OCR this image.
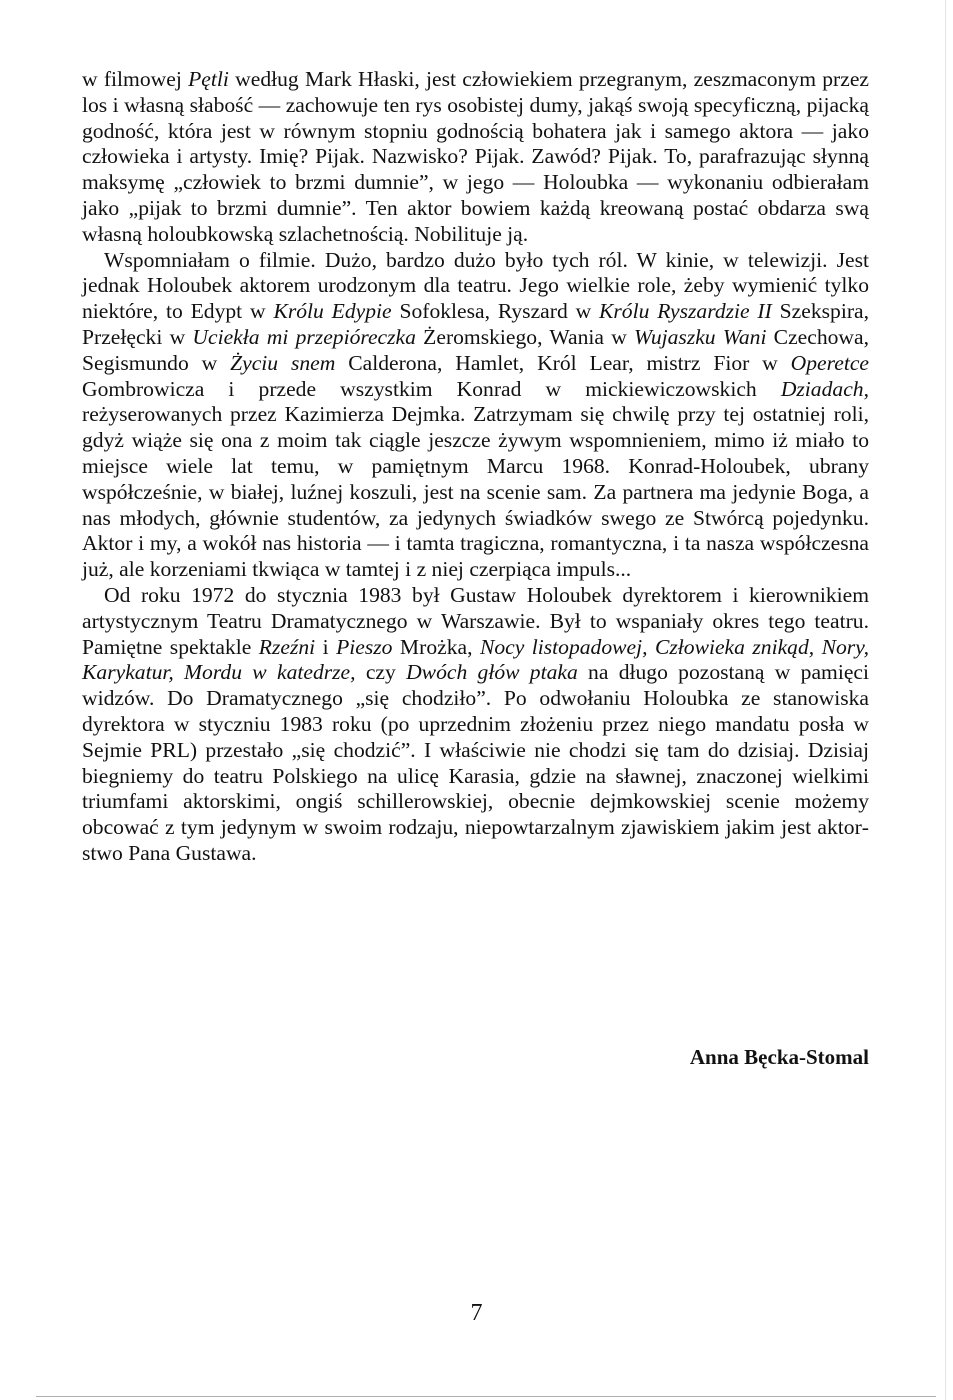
w filmowej Pętli według Mark Hłaski, jest człowiekiem przegranym, zeszmaconym przez los i własną słabość — zachowuje ten rys osobistej dumy, jakąś swoją specyficzną, pijacką godność, która jest w równym stopniu godnością bohatera jak i samego aktora — jako człowieka i artysty. Imię? Pijak. Nazwisko? Pijak. Zawód? Pijak. To, parafrazując słynną maksymę „człowiek to brzmi dumnie”, w jego — Holoubka — wykonaniu odbierałam jako „pijak to brzmi dumnie”. Ten aktor bowiem każdą kreowaną postać obdarza swą własną holoubkowską szlachetnością. Nobilituje ją.

Wspomniałam o filmie. Dużo, bardzo dużo było tych ról. W kinie, w telewizji. Jest jednak Holoubek aktorem urodzonym dla teatru. Jego wielkie role, żeby wymienić tylko niektóre, to Edypt w Królu Edypie Sofoklesa, Ryszard w Królu Ryszardzie II Szekspira, Przełęcki w Uciekła mi przepióreczka Żeromskiego, Wania w Wujaszku Wani Czechowa, Segismundo w Życiu snem Calderona, Hamlet, Król Lear, mistrz Fior w Operetce Gombrowicza i przede wszystkim Konrad w mickiewiczowskich Dziadach, reżyserowanych przez Kazimierza Dejmka. Zatrzymam się chwilę przy tej ostatniej roli, gdyż wiąże się ona z moim tak ciągle jeszcze żywym wspomnieniem, mimo iż miało to miejsce wiele lat temu, w pamiętnym Marcu 1968. Konrad-Holoubek, ubrany współcześnie, w białej, luźnej koszuli, jest na scenie sam. Za partnera ma jedynie Boga, a nas młodych, głównie studentów, za jedynych świadków swego ze Stwórcą pojedynku. Aktor i my, a wokół nas historia — i tamta tragiczna, romantyczna, i ta nasza współczesna już, ale korzeniami tkwiąca w tamtej i z niej czerpiąca impuls...

Od roku 1972 do stycznia 1983 był Gustaw Holoubek dyrektorem i kierownikiem artystycznym Teatru Dramatycznego w Warszawie. Był to wspaniały okres tego teatru. Pamiętne spektakle Rzeźni i Pieszo Mrożka, Nocy listopadowej, Człowieka znikąd, Nory, Karykatur, Mordu w katedrze, czy Dwóch głów ptaka na długo pozostaną w pamięci widzów. Do Dramatycznego „się chodziło”. Po odwołaniu Holoubka ze stanowiska dyrektora w styczniu 1983 roku (po uprzednim złożeniu przez niego mandatu posła w Sejmie PRL) przestało „się chodzić”. I właściwie nie chodzi się tam do dzisiaj. Dzisiaj biegniemy do teatru Polskiego na ulicę Karasia, gdzie na sławnej, znaczonej wielkimi triumfami aktorskimi, ongiś schillerowskiej, obecnie dejmkowskiej scenie możemy obcować z tym jedynym w swoim rodzaju, niepowtarzalnym zjawiskiem jakim jest aktorstwo Pana Gustawa.

Anna Bęcka-Stomal
7
